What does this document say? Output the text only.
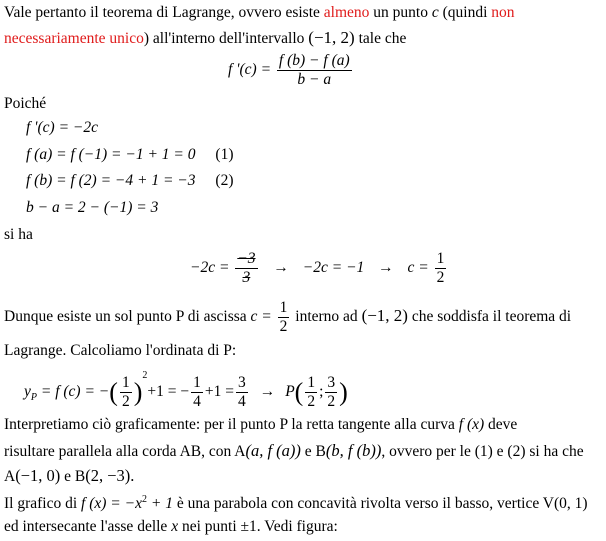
Vale pertanto il teorema di Lagrange, ovvero esiste almeno un punto c (quindi non
necessariamente unico) all'interno dell'intervallo (−1, 2) tale che
f '$(c) = \frac{f (b) - f (a)}{b - a}$
Poiché
f '(c) = −2c
f (a) = f (−1) = −1 + 1 = 0 (1)
f (b) = f (2) = −4 + 1 = −3 (2)
b − a = 2 − (−1) = 3
si ha
$-2c = \frac{-3}{3} \to -2c = -1 \to c = \frac{1}{2}$
Dunque esiste un sol punto P di ascissa $c = \frac{1}{2}$ interno ad (−1, 2) che soddisfa il teorema di
Lagrange. Calcoliamo l'ordinata di P:
$y_P = f$ (c) = −( $\frac{1}{2} )^2+1$ = − $\frac{1}{4} +1 = \frac{3}{4} \to P( \frac{1}{2}$ ; $\frac{3}{2}$ )
Interpretiamo ciò graficamente: per il punto P la retta tangente alla curva f (x) deve
risultare parallela alla corda AB, con A(a, f (a)) e B(b, f (b)), ovvero per le (1) e (2) si ha che
A(−1, 0) e B(2, −3).
Il grafico di f $(x) = -x^2 + 1$ è una parabola con concavità rivolta verso il basso, vertice V(0, 1)
ed intersecante l'asse delle x nei punti ±1. Vedi figura:
